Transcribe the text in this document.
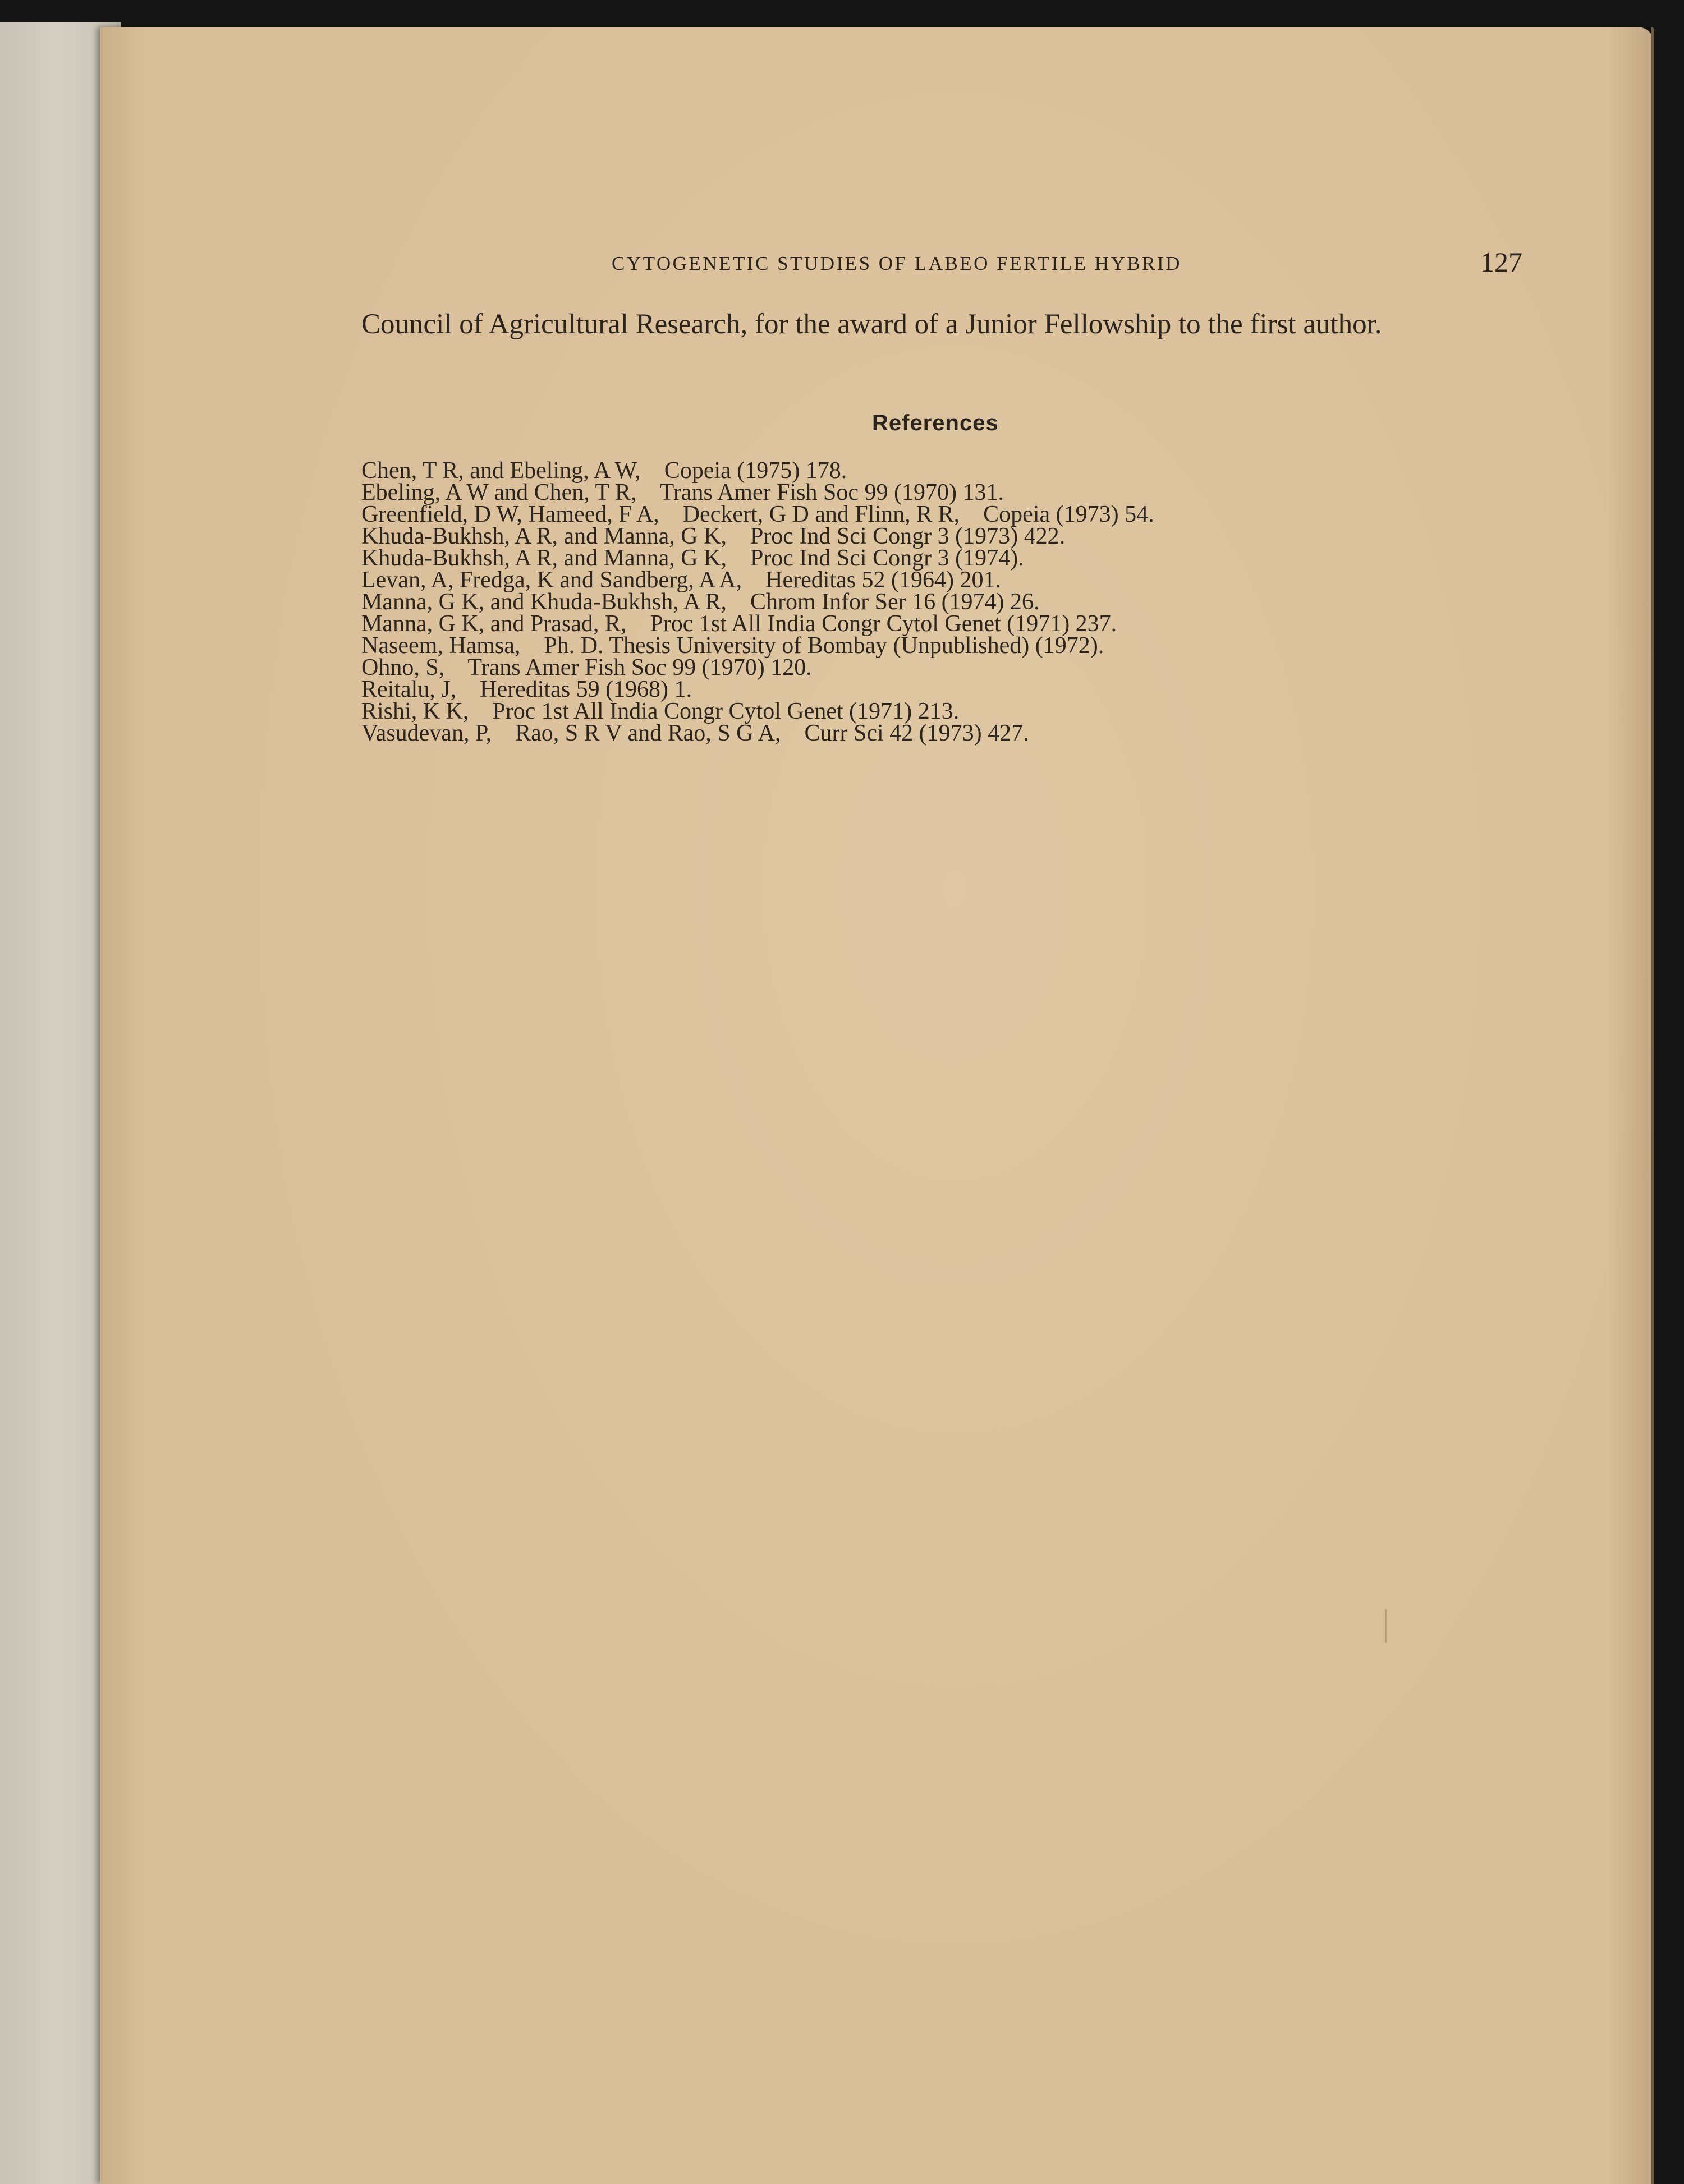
CYTOGENETIC STUDIES OF LABEO FERTILE HYBRID	127
Council of Agricultural Research, for the award of a Junior Fellowship to the first author.
References
Chen, T R, and Ebeling, A W,    Copeia (1975) 178.
Ebeling, A W and Chen, T R,    Trans Amer Fish Soc 99 (1970) 131.
Greenfield, D W, Hameed, F A,    Deckert, G D and Flinn, R R,    Copeia (1973) 54.
Khuda-Bukhsh, A R, and Manna, G K,    Proc Ind Sci Congr 3 (1973) 422.
Khuda-Bukhsh, A R, and Manna, G K,    Proc Ind Sci Congr 3 (1974).
Levan, A, Fredga, K and Sandberg, A A,    Hereditas 52 (1964) 201.
Manna, G K, and Khuda-Bukhsh, A R,    Chrom Infor Ser 16 (1974) 26.
Manna, G K, and Prasad, R,    Proc 1st All India Congr Cytol Genet (1971) 237.
Naseem, Hamsa,    Ph. D. Thesis University of Bombay (Unpublished) (1972).
Ohno, S,    Trans Amer Fish Soc 99 (1970) 120.
Reitalu, J,    Hereditas 59 (1968) 1.
Rishi, K K,    Proc 1st All India Congr Cytol Genet (1971) 213.
Vasudevan, P,    Rao, S R V and Rao, S G A,    Curr Sci 42 (1973) 427.
